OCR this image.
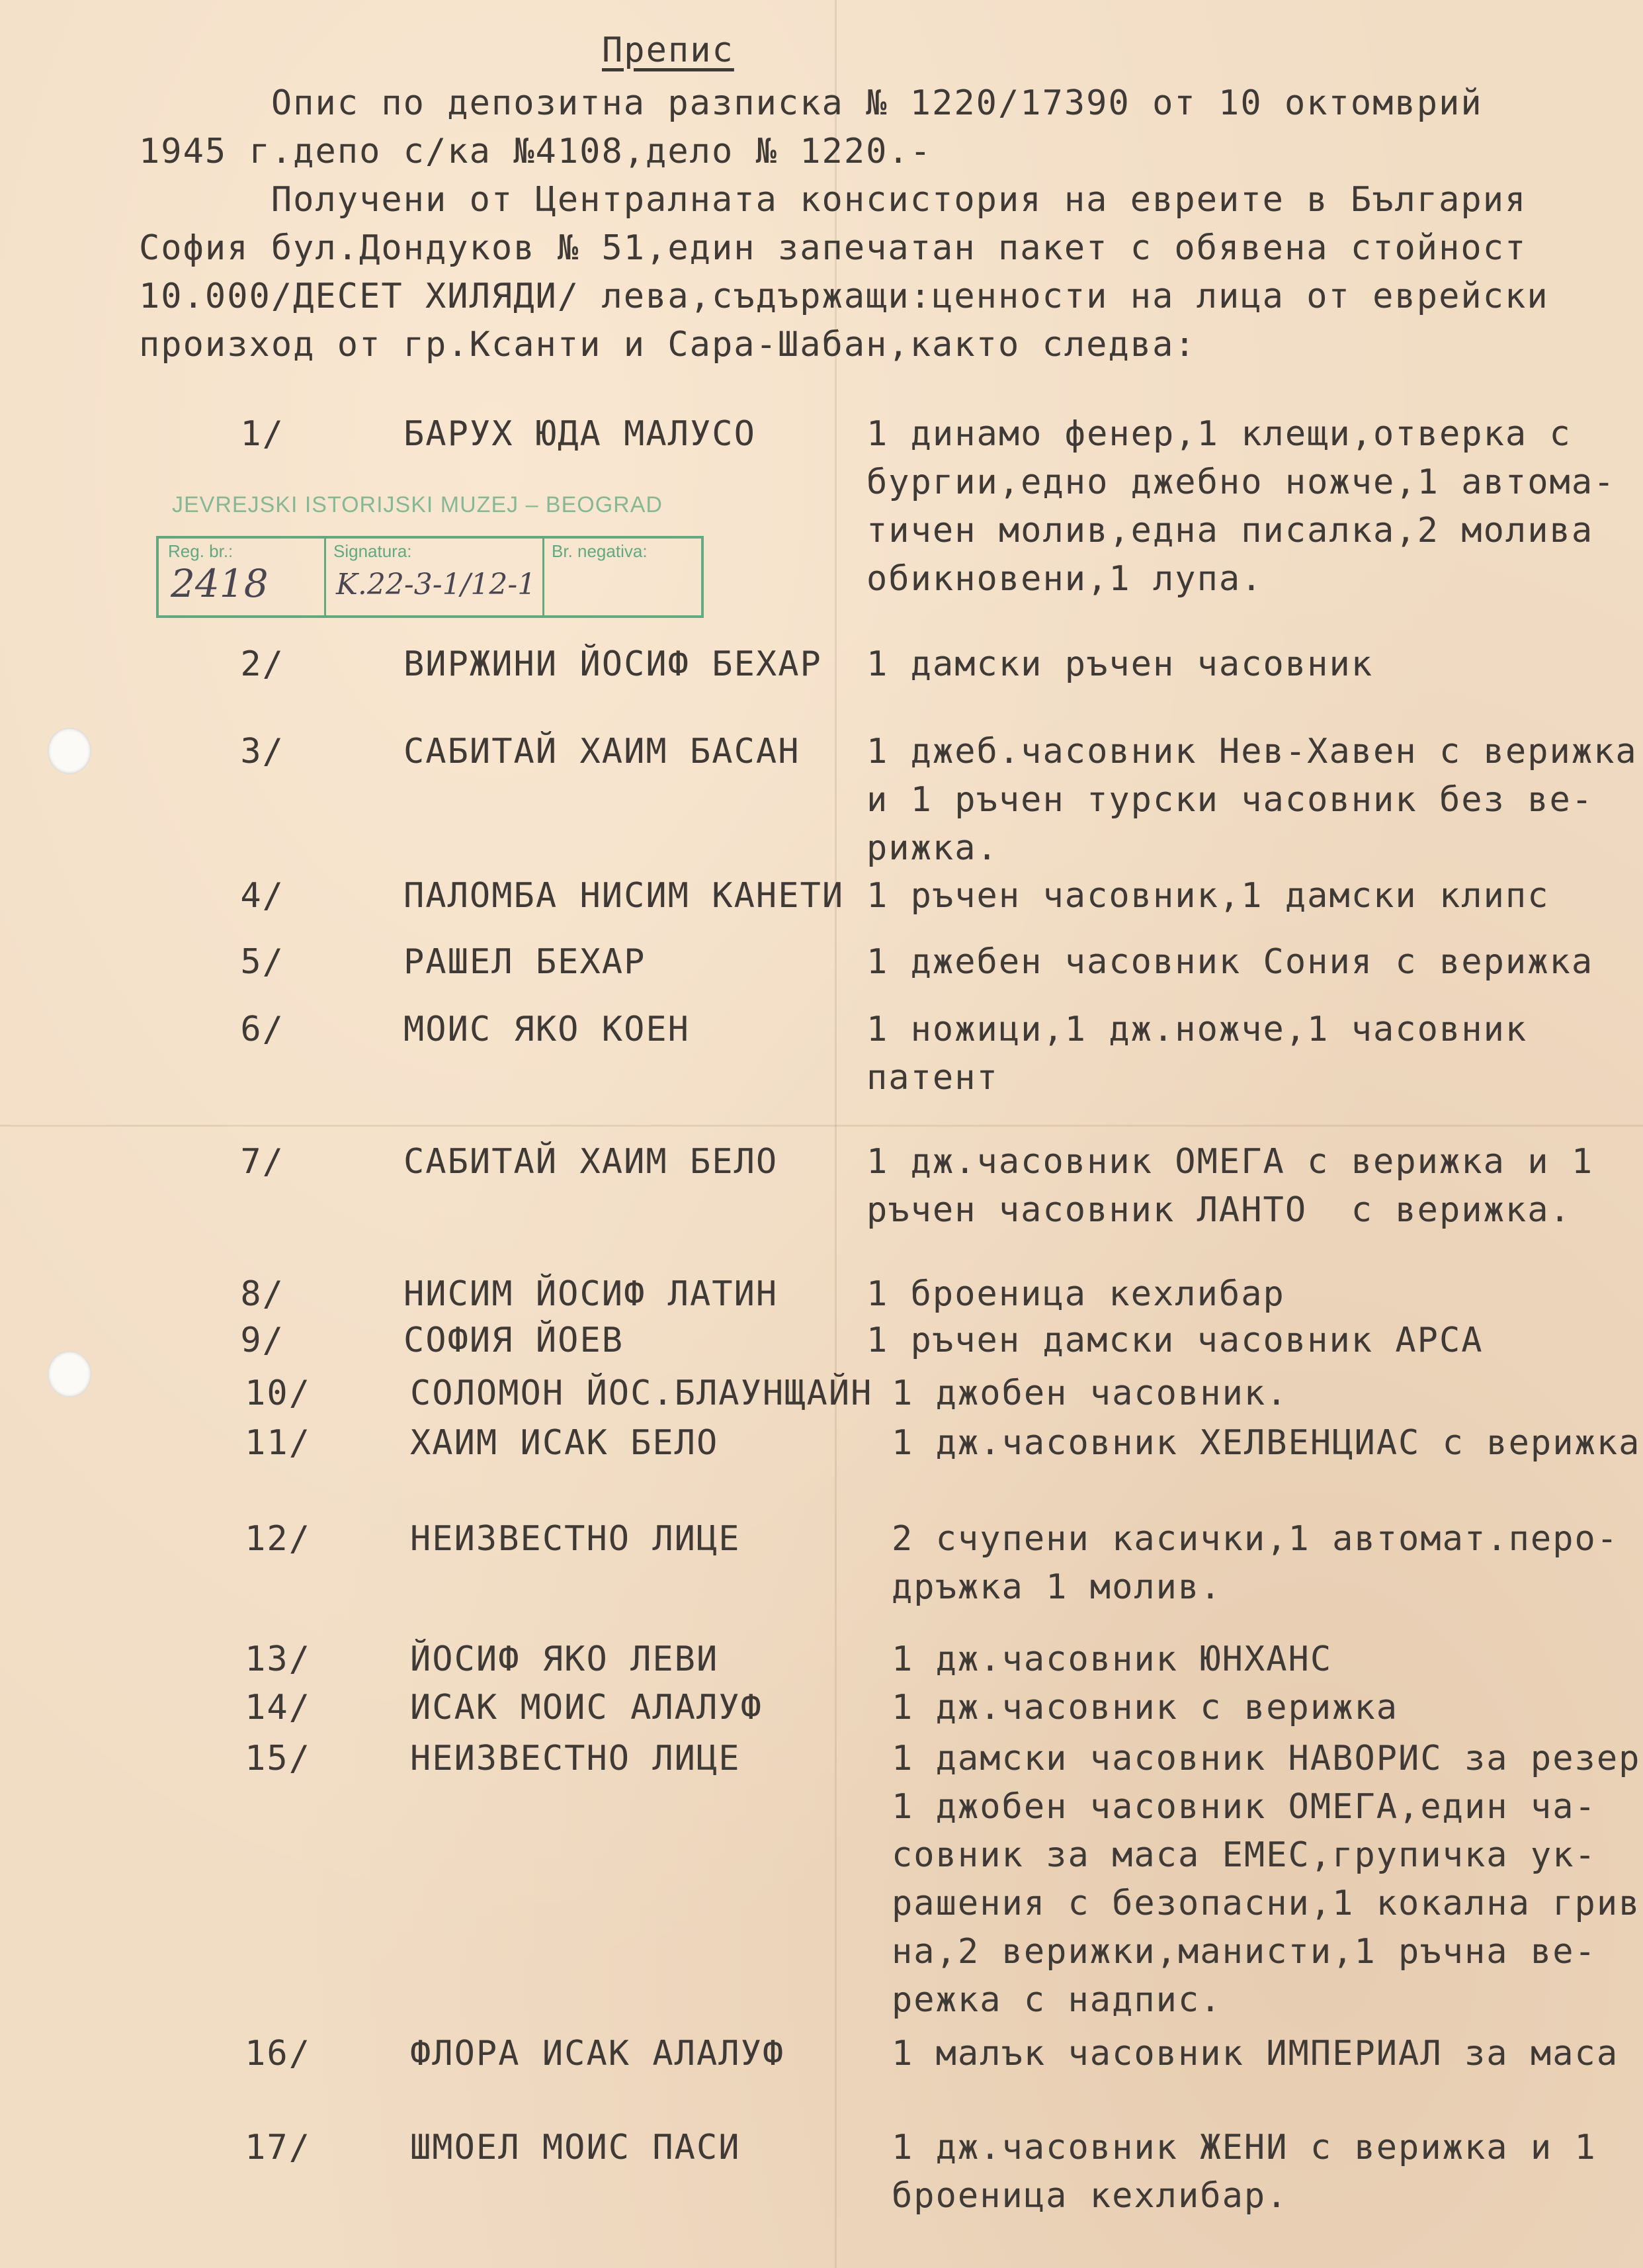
Препис
Опис по депозитна разписка № 1220/17390 от 10 октомврий
1945 г.депо с/ка №4108,дело № 1220.-
Получени от Централната консистория на евреите в България
София бул.Дондуков № 51,един запечатан пакет с обявена стойност
10.000/ДЕСЕТ ХИЛЯДИ/ лева,съдържащи:ценности на лица от еврейски
произход от гр.Ксанти и Сара-Шабан,както следва:
JEVREJSKI ISTORIJSKI MUZEJ – BEOGRAD
Reg. br.:
2418
Signatura:
K.22-3-1/12-1
Br. negativa:
1/	БАРУХ ЮДА МАЛУСО	1 динамо фенер,1 клещи,отверка с
бургии,едно джебно ножче,1 автома-
тичен молив,една писалка,2 молива
обикновени,1 лупа.
2/	ВИРЖИНИ ЙОСИФ БЕХАР 1 дамски ръчен часовник
3/	САБИТАЙ ХАИМ БАСАН 1 джеб.часовник Нев-Хавен с верижка
и 1 ръчен турски часовник без ве-
рижка.
4/	ПАЛОМБА НИСИМ КАНЕТИ 1 ръчен часовник,1 дамски клипс
5/	РАШЕЛ БЕХАР	1 джебен часовник Сония с верижка
6/	МОИС ЯКО КОЕН	1 ножици,1 дж.ножче,1 часовник
патент
7/	САБИТАЙ ХАИМ БЕЛО	1 дж.часовник ОМЕГА с верижка и 1
ръчен часовник ЛАНТО  с верижка.
8/	НИСИМ ЙОСИФ ЛАТИН	1 броеница кехлибар
9/	СОФИЯ ЙОЕВ	1 ръчен дамски часовник АРСА
10/	СОЛОМОН ЙОС.БЛАУНЩАЙН 1 джобен часовник.
11/	ХАИМ ИСАК БЕЛО	1 дж.часовник ХЕЛВЕНЦИАС с верижка
12/	НЕИЗВЕСТНО ЛИЦЕ	2 счупени касички,1 автомат.перо-
дръжка 1 молив.
13/	ЙОСИФ ЯКО ЛЕВИ	1 дж.часовник ЮНХАНС
14/	ИСАК МОИС АЛАЛУФ	1 дж.часовник с верижка
15/	НЕИЗВЕСТНО ЛИЦЕ	1 дамски часовник НАВОРИС за резер
1 джобен часовник ОМЕГА,един ча-
совник за маса ЕМЕС,групичка ук-
рашения с безопасни,1 кокална грив
на,2 верижки,манисти,1 ръчна ве-
режка с надпис.
16/	ФЛОРА ИСАК АЛАЛУФ	1 малък часовник ИМПЕРИАЛ за маса
17/	ШМОЕЛ МОИС ПАСИ	1 дж.часовник ЖЕНИ с верижка и 1
броеница кехлибар.
